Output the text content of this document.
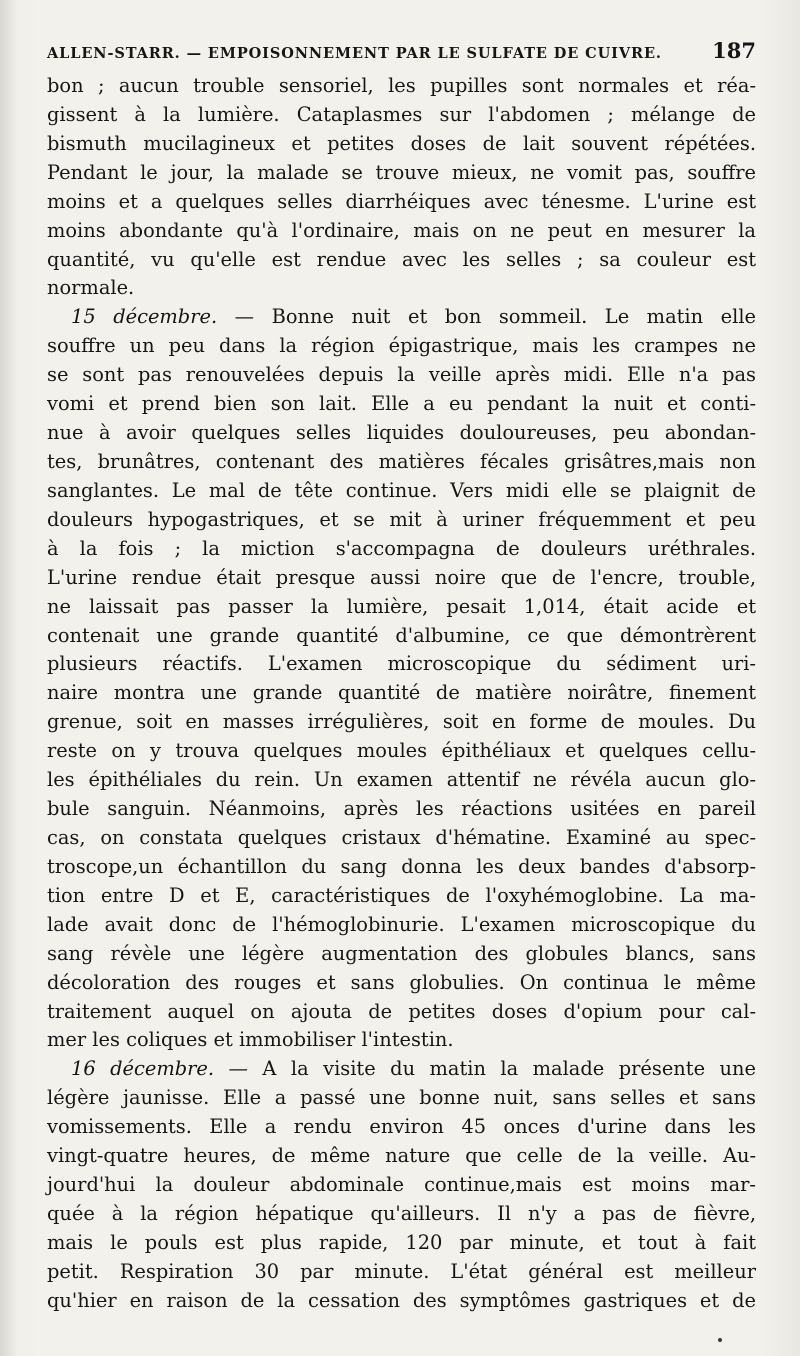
ALLEN-STARR. — EMPOISONNEMENT PAR LE SULFATE DE CUIVRE. 187
bon ; aucun trouble sensoriel, les pupilles sont normales et réa-
gissent à la lumière. Cataplasmes sur l'abdomen ; mélange de
bismuth mucilagineux et petites doses de lait souvent répétées.
Pendant le jour, la malade se trouve mieux, ne vomit pas, souffre
moins et a quelques selles diarrhéiques avec ténesme. L'urine est
moins abondante qu'à l'ordinaire, mais on ne peut en mesurer la
quantité, vu qu'elle est rendue avec les selles ; sa couleur est
normale.
15 décembre. — Bonne nuit et bon sommeil. Le matin elle
souffre un peu dans la région épigastrique, mais les crampes ne
se sont pas renouvelées depuis la veille après midi. Elle n'a pas
vomi et prend bien son lait. Elle a eu pendant la nuit et conti-
nue à avoir quelques selles liquides douloureuses, peu abondan-
tes, brunâtres, contenant des matières fécales grisâtres,mais non
sanglantes. Le mal de tête continue. Vers midi elle se plaignit de
douleurs hypogastriques, et se mit à uriner fréquemment et peu
à la fois ; la miction s'accompagna de douleurs uréthrales.
L'urine rendue était presque aussi noire que de l'encre, trouble,
ne laissait pas passer la lumière, pesait 1,014, était acide et
contenait une grande quantité d'albumine, ce que démontrèrent
plusieurs réactifs. L'examen microscopique du sédiment uri-
naire montra une grande quantité de matière noirâtre, finement
grenue, soit en masses irrégulières, soit en forme de moules. Du
reste on y trouva quelques moules épithéliaux et quelques cellu-
les épithéliales du rein. Un examen attentif ne révéla aucun glo-
bule sanguin. Néanmoins, après les réactions usitées en pareil
cas, on constata quelques cristaux d'hématine. Examiné au spec-
troscope,un échantillon du sang donna les deux bandes d'absorp-
tion entre D et E, caractéristiques de l'oxyhémoglobine. La ma-
lade avait donc de l'hémoglobinurie. L'examen microscopique du
sang révèle une légère augmentation des globules blancs, sans
décoloration des rouges et sans globulies. On continua le même
traitement auquel on ajouta de petites doses d'opium pour cal-
mer les coliques et immobiliser l'intestin.
16 décembre. — A la visite du matin la malade présente une
légère jaunisse. Elle a passé une bonne nuit, sans selles et sans
vomissements. Elle a rendu environ 45 onces d'urine dans les
vingt-quatre heures, de même nature que celle de la veille. Au-
jourd'hui la douleur abdominale continue,mais est moins mar-
quée à la région hépatique qu'ailleurs. Il n'y a pas de fièvre,
mais le pouls est plus rapide, 120 par minute, et tout à fait
petit. Respiration 30 par minute. L'état général est meilleur
qu'hier en raison de la cessation des symptômes gastriques et de
